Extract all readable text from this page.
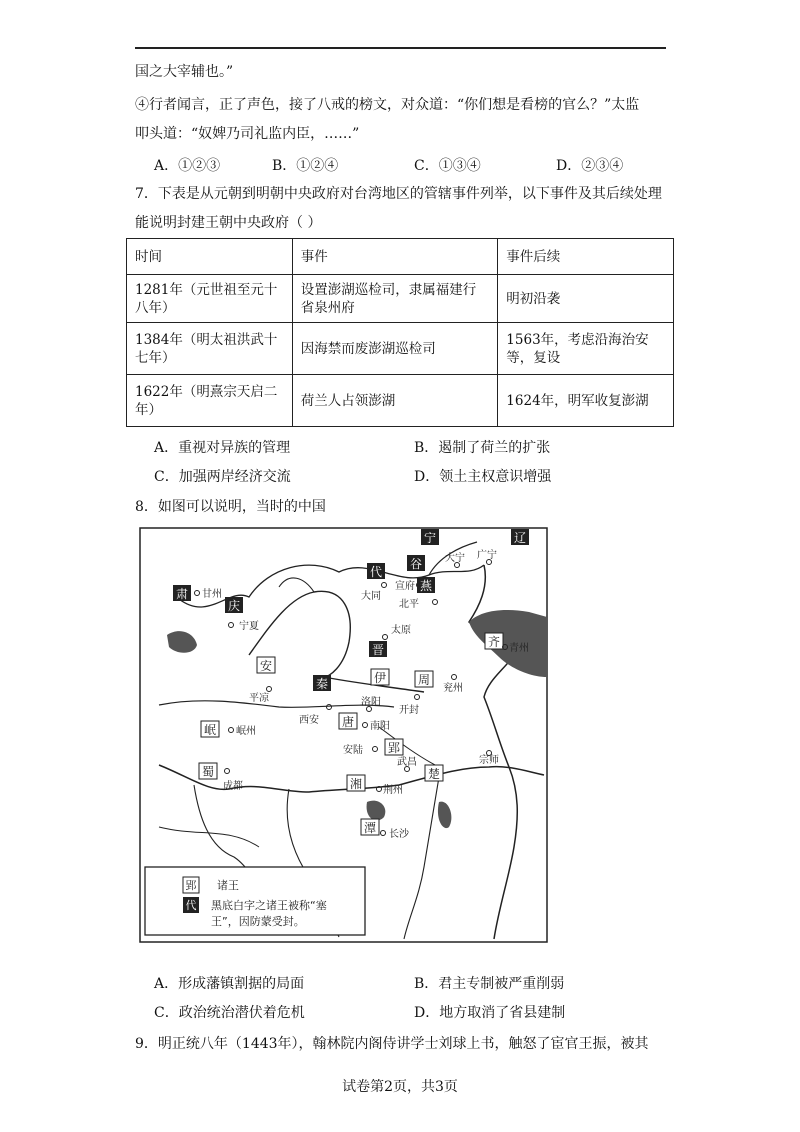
国之大宰辅也。”
④行者闻言，正了声色，接了八戒的榜文，对众道：“你们想是看榜的官么？”太监
叩头道：“奴婢乃司礼监内臣，……”
A．①②③	B．①②④	C．①③④	D．②③④
7．下表是从元朝到明朝中央政府对台湾地区的管辖事件列举，以下事件及其后续处理
能说明封建王朝中央政府（ ）
时间	事件	事件后续
1281年（元世祖至元十八年）	设置澎湖巡检司，隶属福建行省泉州府	明初沿袭
1384年（明太祖洪武十七年）	因海禁而废澎湖巡检司	1563年，考虑沿海治安等，复设
1622年（明熹宗天启二年）	荷兰人占领澎湖	1624年，明军收复澎湖
A．重视对异族的管理	B．遏制了荷兰的扩张
C．加强两岸经济交流	D．领土主权意识增强
8．如图可以说明，当时的中国
宁	辽
代
谷
燕
肃
庆
安
秦
晋
伊	周
齐
唐
岷
郢
蜀
湘
楚
潭
大宁 广宁
宣府
大同
北平
甘州
宁夏	太原
青州
平凉
兖州
开封
西安
洛阳
南阳
岷州
安陆
成都
武昌
荆州
长沙
宗师
郢
代
诸王
黑底白字之诸王被称“塞
王”，因防蒙受封。
A．形成藩镇割据的局面	B．君主专制被严重削弱
C．政治统治潜伏着危机	D．地方取消了省县建制
9．明正统八年（1443年），翰林院内阁侍讲学士刘球上书，触怒了宦官王振，被其
试卷第2页，共3页
